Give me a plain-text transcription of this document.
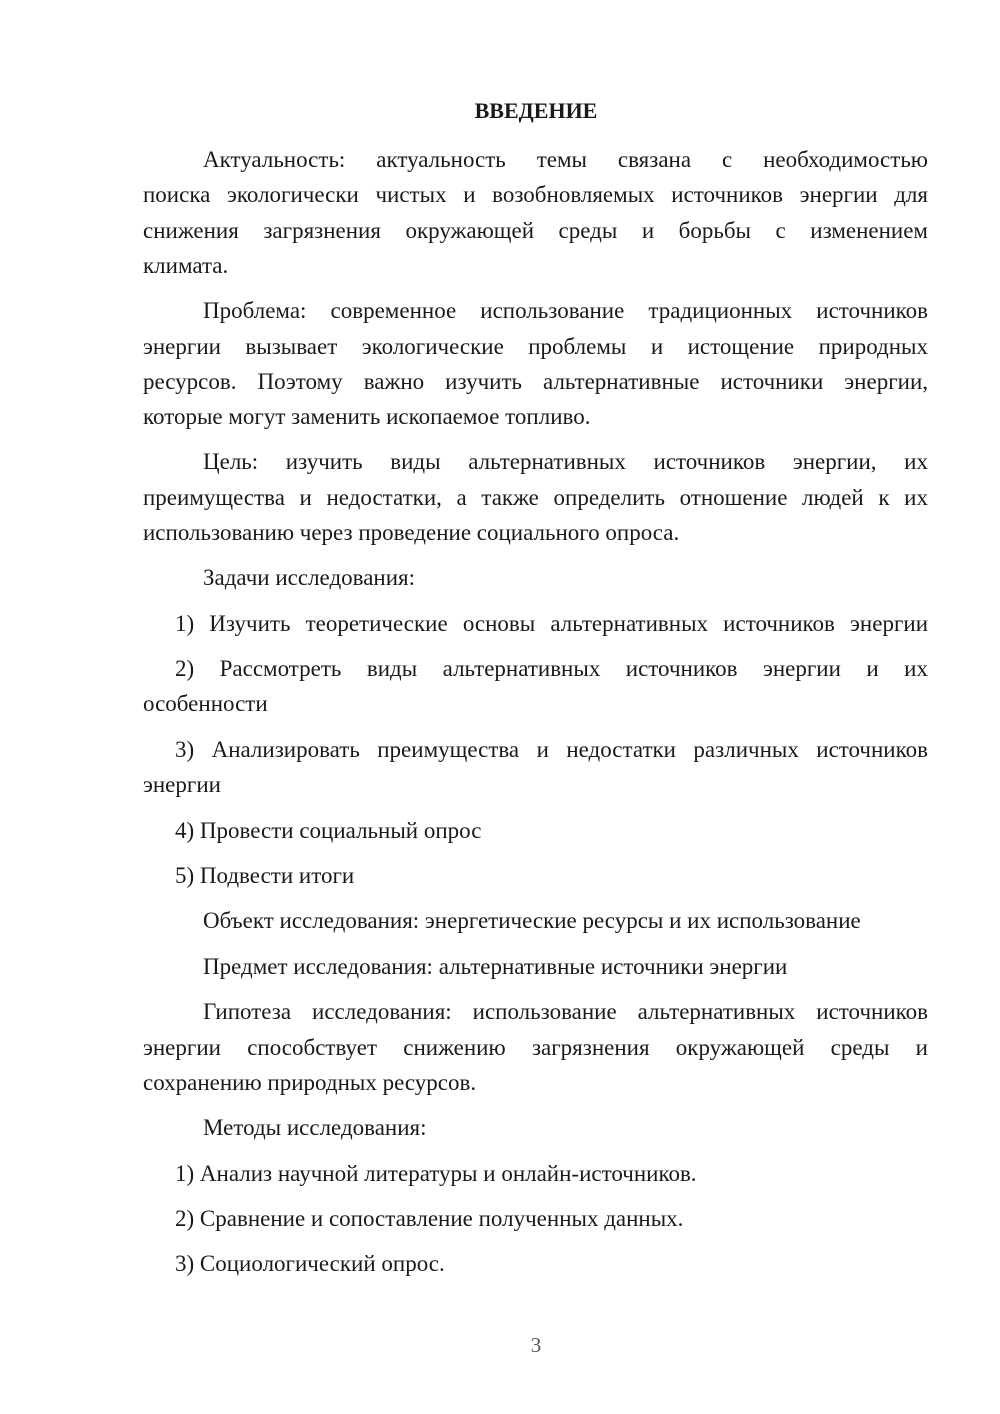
ВВЕДЕНИЕ

Актуальность: актуальность темы связана с необходимостью

поиска экологически чистых и возобновляемых источников энергии для

снижения загрязнения окружающей среды и борьбы с изменением

климата.

Проблема: современное использование традиционных источников

энергии вызывает экологические проблемы и истощение природных

ресурсов. Поэтому важно изучить альтернативные источники энергии,

которые могут заменить ископаемое топливо.

Цель: изучить виды альтернативных источников энергии, их

преимущества и недостатки, а также определить отношение людей к их

использованию через проведение социального опроса.

Задачи исследования:

1) Изучить теоретические основы альтернативных источников энергии

2) Рассмотреть виды альтернативных источников энергии и их

особенности

3) Анализировать преимущества и недостатки различных источников

энергии

4) Провести социальный опрос

5) Подвести итоги

Объект исследования: энергетические ресурсы и их использование

Предмет исследования: альтернативные источники энергии

Гипотеза исследования: использование альтернативных источников

энергии способствует снижению загрязнения окружающей среды и

сохранению природных ресурсов.

Методы исследования:

1) Анализ научной литературы и онлайн-источников.

2) Сравнение и сопоставление полученных данных.

3) Социологический опрос.

3
